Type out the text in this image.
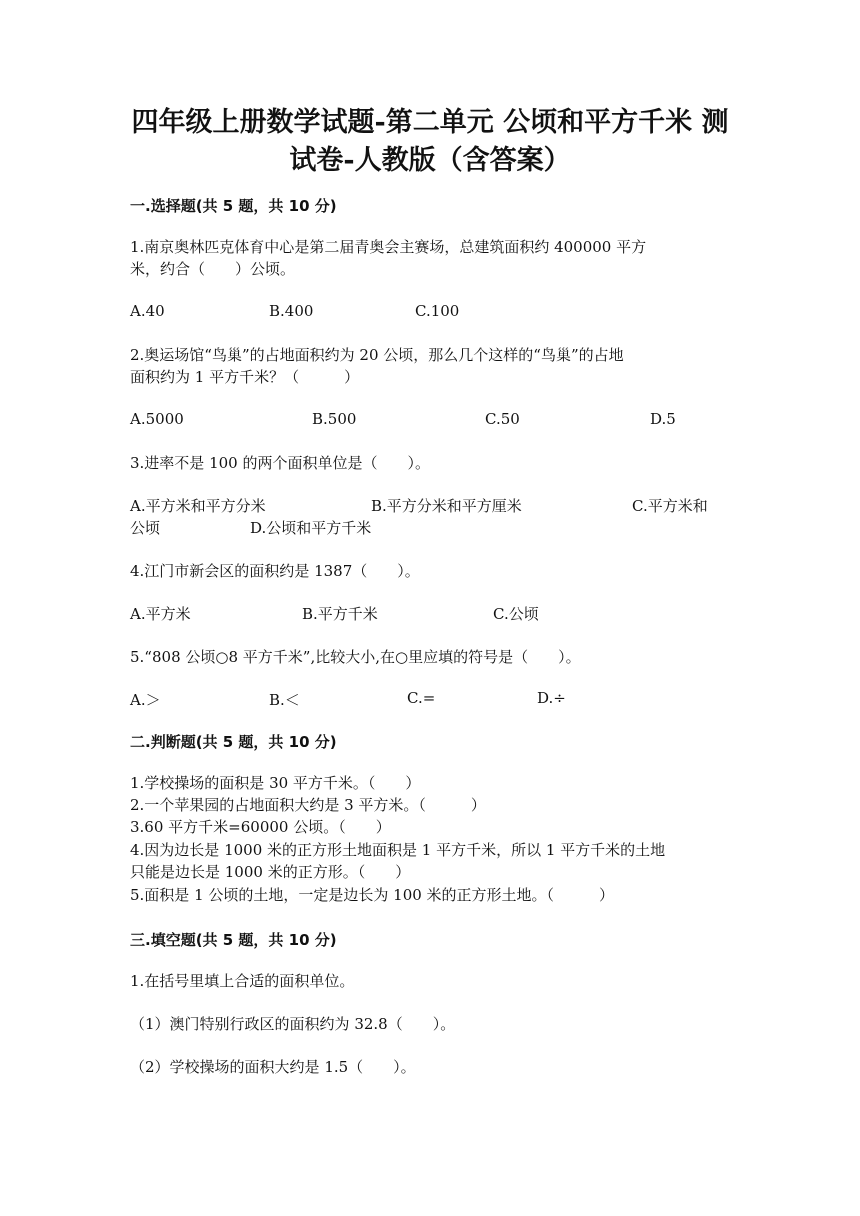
四年级上册数学试题-第二单元 公顷和平方千米 测
试卷-人教版（含答案）
一.选择题(共 5 题，共 10 分)
1.南京奥林匹克体育中心是第二届青奥会主赛场，总建筑面积约 400000 平方
米，约合（　　）公顷。
A.40	B.400	C.100
2.奥运场馆“鸟巢”的占地面积约为 20 公顷，那么几个这样的“鸟巢”的占地
面积约为 1 平方千米？（　　　）
A.5000	B.500	C.50	D.5
3.进率不是 100 的两个面积单位是（　　）。
A.平方米和平方分米	B.平方分米和平方厘米	C.平方米和
公顷	D.公顷和平方千米
4.江门市新会区的面积约是 1387（　　）。
A.平方米	B.平方千米	C.公顷
5.“808 公顷○8 平方千米”,比较大小,在○里应填的符号是（　　）。
A.＞	B.＜	C.=	D.÷
二.判断题(共 5 题，共 10 分)
1.学校操场的面积是 30 平方千米。（　　）
2.一个苹果园的占地面积大约是 3 平方米。（　　　）
3.60 平方千米=60000 公顷。（　　）
4.因为边长是 1000 米的正方形土地面积是 1 平方千米，所以 1 平方千米的土地
只能是边长是 1000 米的正方形。（　　）
5.面积是 1 公顷的土地，一定是边长为 100 米的正方形土地。（　　　）
三.填空题(共 5 题，共 10 分)
1.在括号里填上合适的面积单位。
（1）澳门特别行政区的面积约为 32.8（　　）。
（2）学校操场的面积大约是 1.5（　　）。
